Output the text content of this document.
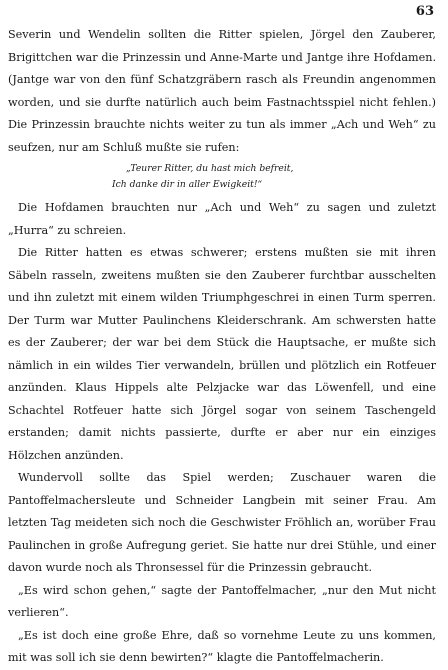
63

Severin und Wendelin sollten die Ritter spielen, Jörgel den Zauberer, Brigittchen war die Prinzessin und Anne-Marte und Jantge ihre Hofdamen. (Jantge war von den fünf Schatzgräbern rasch als Freundin angenommen worden, und sie durfte natürlich auch beim Fastnachtsspiel nicht fehlen.) Die Prinzessin brauchte nichts weiter zu tun als immer „Ach und Weh“ zu seufzen, nur am Schluß mußte sie rufen:

„Teurer Ritter, du hast mich befreit,
Ich danke dir in aller Ewigkeit!“

Die Hofdamen brauchten nur „Ach und Weh“ zu sagen und zuletzt „Hurra“ zu schreien.

Die Ritter hatten es etwas schwerer; erstens mußten sie mit ihren Säbeln rasseln, zweitens mußten sie den Zauberer furchtbar ausschelten und ihn zuletzt mit einem wilden Triumphgeschrei in einen Turm sperren. Der Turm war Mutter Paulinchens Kleiderschrank. Am schwersten hatte es der Zauberer; der war bei dem Stück die Hauptsache, er mußte sich nämlich in ein wildes Tier verwandeln, brüllen und plötzlich ein Rotfeuer anzünden. Klaus Hippels alte Pelzjacke war das Löwenfell, und eine Schachtel Rotfeuer hatte sich Jörgel sogar von seinem Taschengeld erstanden; damit nichts passierte, durfte er aber nur ein einziges Hölzchen anzünden.

Wundervoll sollte das Spiel werden; Zuschauer waren die Pantoffelmachersleute und Schneider Langbein mit seiner Frau. Am letzten Tag meideten sich noch die Geschwister Fröhlich an, worüber Frau Paulinchen in große Aufregung geriet. Sie hatte nur drei Stühle, und einer davon wurde noch als Thronsessel für die Prinzessin gebraucht.

„Es wird schon gehen,“ sagte der Pantoffelmacher, „nur den Mut nicht verlieren“.

„Es ist doch eine große Ehre, daß so vornehme Leute zu uns kommen, mit was soll ich sie denn bewirten?“ klagte die Pantoffelmacherin.
